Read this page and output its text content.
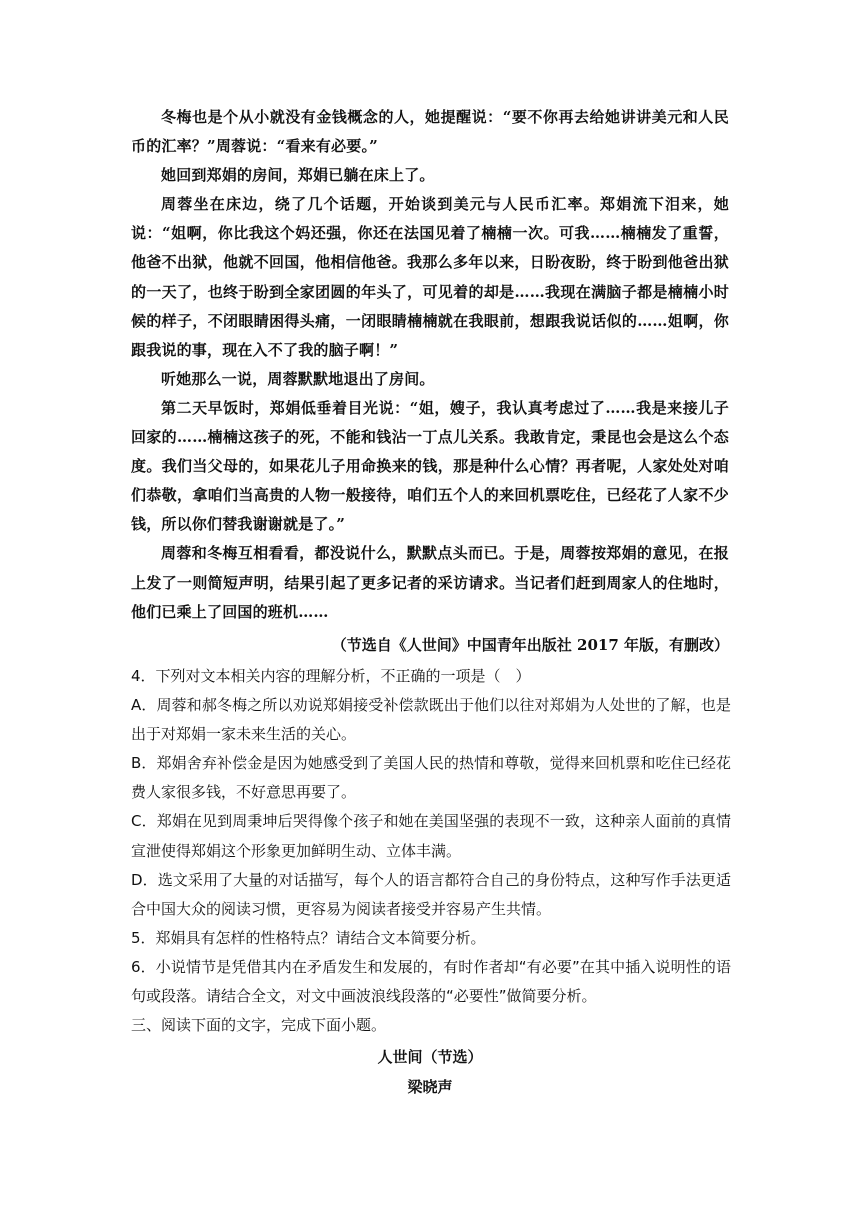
冬梅也是个从小就没有金钱概念的人，她提醒说：“要不你再去给她讲讲美元和人民币的汇率？”周蓉说：“看来有必要。”

她回到郑娟的房间，郑娟已躺在床上了。

周蓉坐在床边，绕了几个话题，开始谈到美元与人民币汇率。郑娟流下泪来，她说：“姐啊，你比我这个妈还强，你还在法国见着了楠楠一次。可我……楠楠发了重誓，他爸不出狱，他就不回国，他相信他爸。我那么多年以来，日盼夜盼，终于盼到他爸出狱的一天了，也终于盼到全家团圆的年头了，可见着的却是……我现在满脑子都是楠楠小时候的样子，不闭眼睛困得头痛，一闭眼睛楠楠就在我眼前，想跟我说话似的……姐啊，你跟我说的事，现在入不了我的脑子啊！”

听她那么一说，周蓉默默地退出了房间。

第二天早饭时，郑娟低垂着目光说：“姐，嫂子，我认真考虑过了……我是来接儿子回家的……楠楠这孩子的死，不能和钱沾一丁点儿关系。我敢肯定，秉昆也会是这么个态度。我们当父母的，如果花儿子用命换来的钱，那是种什么心情？再者呢，人家处处对咱们恭敬，拿咱们当高贵的人物一般接待，咱们五个人的来回机票吃住，已经花了人家不少钱，所以你们替我谢谢就是了。”

周蓉和冬梅互相看看，都没说什么，默默点头而已。于是，周蓉按郑娟的意见，在报上发了一则简短声明，结果引起了更多记者的采访请求。当记者们赶到周家人的住地时，他们已乘上了回国的班机……

（节选自《人世间》中国青年出版社 2017 年版，有删改）

4．下列对文本相关内容的理解分析，不正确的一项是（　）

A．周蓉和郝冬梅之所以劝说郑娟接受补偿款既出于他们以往对郑娟为人处世的了解，也是出于对郑娟一家未来生活的关心。

B．郑娟舍弃补偿金是因为她感受到了美国人民的热情和尊敬，觉得来回机票和吃住已经花费人家很多钱，不好意思再要了。

C．郑娟在见到周秉坤后哭得像个孩子和她在美国坚强的表现不一致，这种亲人面前的真情宣泄使得郑娟这个形象更加鲜明生动、立体丰满。

D．选文采用了大量的对话描写，每个人的语言都符合自己的身份特点，这种写作手法更适合中国大众的阅读习惯，更容易为阅读者接受并容易产生共情。

5．郑娟具有怎样的性格特点？请结合文本简要分析。

6．小说情节是凭借其内在矛盾发生和发展的，有时作者却“有必要”在其中插入说明性的语句或段落。请结合全文，对文中画波浪线段落的“必要性”做简要分析。

三、阅读下面的文字，完成下面小题。

人世间（节选）
梁晓声
